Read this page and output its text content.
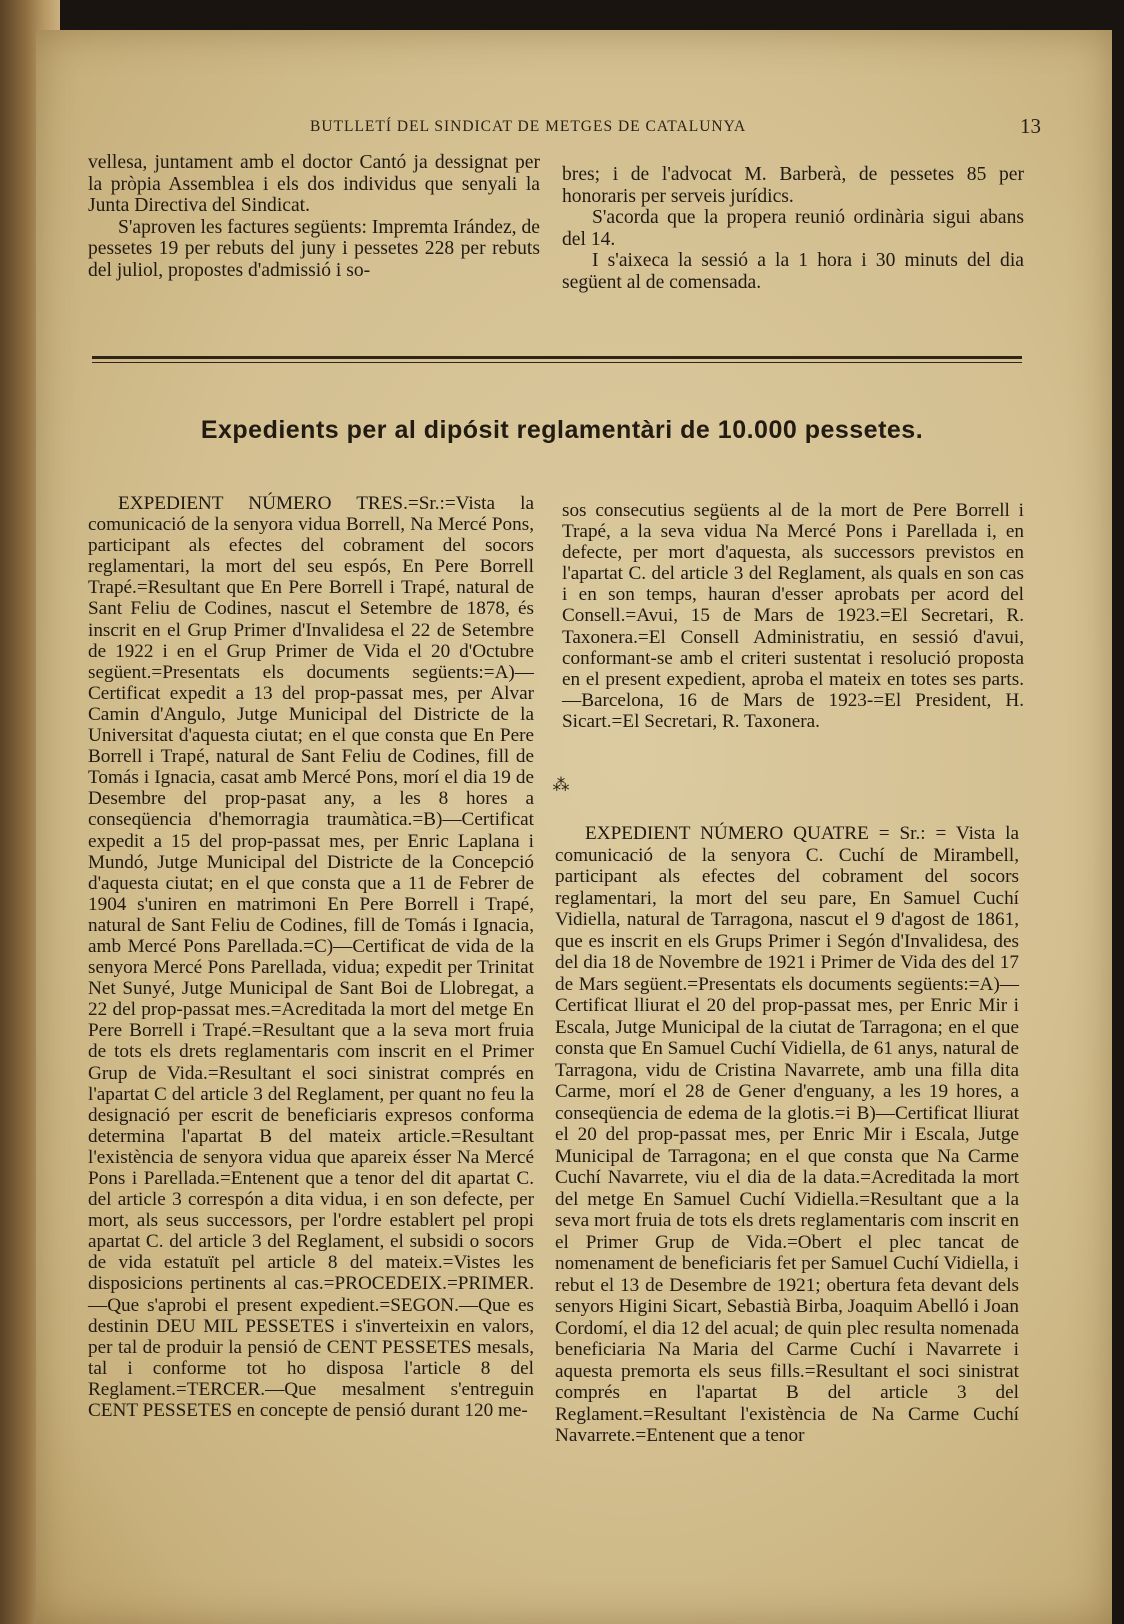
BUTLLETÍ DEL SINDICAT DE METGES DE CATALUNYA	13

vellesa, juntament amb el doctor Cantó ja dessignat per la pròpia Assemblea i els dos individus que senyali la Junta Directiva del Sindicat.

S'aproven les factures següents: Impremta Irández, de pessetes 19 per rebuts del juny i pessetes 228 per rebuts del juliol, propostes d'admissió i so-

bres; i de l'advocat M. Barberà, de pessetes 85 per honoraris per serveis jurídics.

S'acorda que la propera reunió ordinària sigui abans del 14.

I s'aixeca la sessió a la 1 hora i 30 minuts del dia següent al de comensada.

Expedients per al dipósit reglamentàri de 10.000 pessetes.

EXPEDIENT NÚMERO TRES.=Sr.:=Vista la comunicació de la senyora vidua Borrell, Na Mercé Pons, participant als efectes del cobrament del socors reglamentari, la mort del seu espós, En Pere Borrell Trapé.=Resultant que En Pere Borrell i Trapé, natural de Sant Feliu de Codines, nascut el Setembre de 1878, és inscrit en el Grup Primer d'Invalidesa el 22 de Setembre de 1922 i en el Grup Primer de Vida el 20 d'Octubre següent.=Presentats els documents següents:=A)—Certificat expedit a 13 del prop-passat mes, per Alvar Camin d'Angulo, Jutge Municipal del Districte de la Universitat d'aquesta ciutat; en el que consta que En Pere Borrell i Trapé, natural de Sant Feliu de Codines, fill de Tomás i Ignacia, casat amb Mercé Pons, morí el dia 19 de Desembre del prop-pasat any, a les 8 hores a conseqüencia d'hemorragia traumàtica.=B)—Certificat expedit a 15 del prop-passat mes, per Enric Laplana i Mundó, Jutge Municipal del Districte de la Concepció d'aquesta ciutat; en el que consta que a 11 de Febrer de 1904 s'uniren en matrimoni En Pere Borrell i Trapé, natural de Sant Feliu de Codines, fill de Tomás i Ignacia, amb Mercé Pons Parellada.=C)—Certificat de vida de la senyora Mercé Pons Parellada, vidua; expedit per Trinitat Net Sunyé, Jutge Municipal de Sant Boi de Llobregat, a 22 del prop-passat mes.=Acreditada la mort del metge En Pere Borrell i Trapé.=Resultant que a la seva mort fruia de tots els drets reglamentaris com inscrit en el Primer Grup de Vida.=Resultant el soci sinistrat comprés en l'apartat C del article 3 del Reglament, per quant no feu la designació per escrit de beneficiaris expresos conforma determina l'apartat B del mateix article.=Resultant l'existència de senyora vidua que apareix ésser Na Mercé Pons i Parellada.=Entenent que a tenor del dit apartat C. del article 3 correspón a dita vidua, i en son defecte, per mort, als seus successors, per l'ordre establert pel propi apartat C. del article 3 del Reglament, el subsidi o socors de vida estatuït pel article 8 del mateix.=Vistes les disposicions pertinents al cas.=PROCEDEIX.=PRIMER.—Que s'aprobi el present expedient.=SEGON.—Que es destinin DEU MIL PESSETES i s'inverteixin en valors, per tal de produir la pensió de CENT PESSETES mesals, tal i conforme tot ho disposa l'article 8 del Reglament.=TERCER.—Que mesalment s'entreguin CENT PESSETES en concepte de pensió durant 120 me-

sos consecutius següents al de la mort de Pere Borrell i Trapé, a la seva vidua Na Mercé Pons i Parellada i, en defecte, per mort d'aquesta, als successors previstos en l'apartat C. del article 3 del Reglament, als quals en son cas i en son temps, hauran d'esser aprobats per acord del Consell.=Avui, 15 de Mars de 1923.=El Secretari, R. Taxonera.=El Consell Administratiu, en sessió d'avui, conformant-se amb el criteri sustentat i resolució proposta en el present expedient, aproba el mateix en totes ses parts.—Barcelona, 16 de Mars de 1923-=El President, H. Sicart.=El Secretari, R. Taxonera.

⁂

EXPEDIENT NÚMERO QUATRE = Sr.: = Vista la comunicació de la senyora C. Cuchí de Mirambell, participant als efectes del cobrament del socors reglamentari, la mort del seu pare, En Samuel Cuchí Vidiella, natural de Tarragona, nascut el 9 d'agost de 1861, que es inscrit en els Grups Primer i Segón d'Invalidesa, des del dia 18 de Novembre de 1921 i Primer de Vida des del 17 de Mars següent.=Presentats els documents següents:=A)—Certificat lliurat el 20 del prop-passat mes, per Enric Mir i Escala, Jutge Municipal de la ciutat de Tarragona; en el que consta que En Samuel Cuchí Vidiella, de 61 anys, natural de Tarragona, vidu de Cristina Navarrete, amb una filla dita Carme, morí el 28 de Gener d'enguany, a les 19 hores, a conseqüencia de edema de la glotis.=i B)—Certificat lliurat el 20 del prop-passat mes, per Enric Mir i Escala, Jutge Municipal de Tarragona; en el que consta que Na Carme Cuchí Navarrete, viu el dia de la data.=Acreditada la mort del metge En Samuel Cuchí Vidiella.=Resultant que a la seva mort fruia de tots els drets reglamentaris com inscrit en el Primer Grup de Vida.=Obert el plec tancat de nomenament de beneficiaris fet per Samuel Cuchí Vidiella, i rebut el 13 de Desembre de 1921; obertura feta devant dels senyors Higini Sicart, Sebastià Birba, Joaquim Abelló i Joan Cordomí, el dia 12 del acual; de quin plec resulta nomenada beneficiaria Na Maria del Carme Cuchí i Navarrete i aquesta premorta els seus fills.=Resultant el soci sinistrat comprés en l'apartat B del article 3 del Reglament.=Resultant l'existència de Na Carme Cuchí Navarrete.=Entenent que a tenor
